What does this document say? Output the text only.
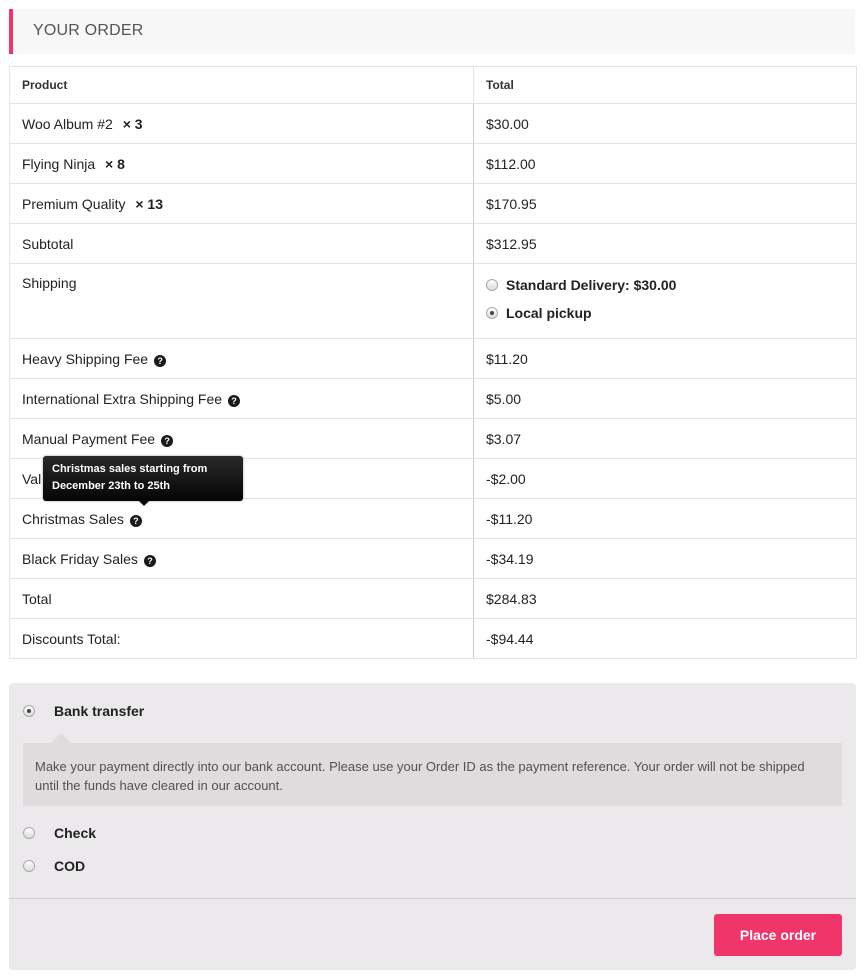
YOUR ORDER
Product	Total
Woo Album #2 × 3	$30.00
Flying Ninja × 8	$112.00
Premium Quality × 13	$170.95
Subtotal	$312.95
Shipping	Standard Delivery: $30.00
Local pickup

Heavy Shipping Fee ?	$11.20
International Extra Shipping Fee ?	$5.00
Manual Payment Fee ?	$3.07
Val	-$2.00
Christmas Sales ?	-$11.20
Black Friday Sales ?	-$34.19
Total	$284.83
Discounts Total:	-$94.44
Christmas sales starting from
December 23th to 25th
Bank transfer
Make your payment directly into our bank account. Please use your Order ID as the payment reference. Your order will not be shipped until the funds have cleared in our account.
Check
COD
Place order
